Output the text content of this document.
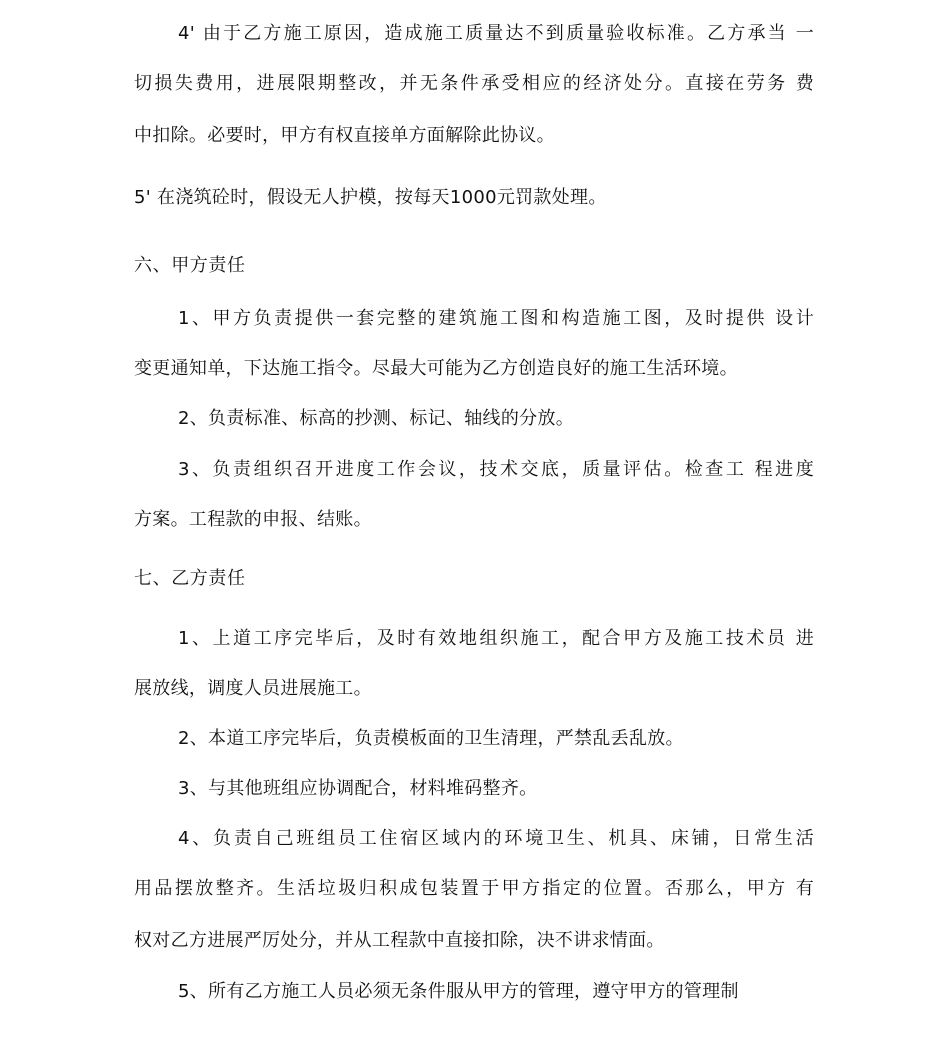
4' 由于乙方施工原因，造成施工质量达不到质量验收标准。乙方承当 一
切损失费用，进展限期整改，并无条件承受相应的经济处分。直接在劳务 费
中扣除。必要时，甲方有权直接单方面解除此协议。
5' 在浇筑砼时，假设无人护模，按每天1000元罚款处理。
六、甲方责任
1、甲方负责提供一套完整的建筑施工图和构造施工图，及时提供 设计
变更通知单，下达施工指令。尽最大可能为乙方创造良好的施工生活环境。
2、负责标准、标高的抄测、标记、轴线的分放。
3、负责组织召开进度工作会议，技术交底，质量评估。检查工 程进度
方案。工程款的申报、结账。
七、乙方责任
1、上道工序完毕后，及时有效地组织施工，配合甲方及施工技术员 进
展放线，调度人员进展施工。
2、本道工序完毕后，负责模板面的卫生清理，严禁乱丢乱放。
3、与其他班组应协调配合，材料堆码整齐。
4、负责自己班组员工住宿区域内的环境卫生、机具、床铺，日常生活
用品摆放整齐。生活垃圾归积成包装置于甲方指定的位置。否那么，甲方 有
权对乙方进展严厉处分，并从工程款中直接扣除，决不讲求情面。
5、所有乙方施工人员必须无条件服从甲方的管理，遵守甲方的管理制
